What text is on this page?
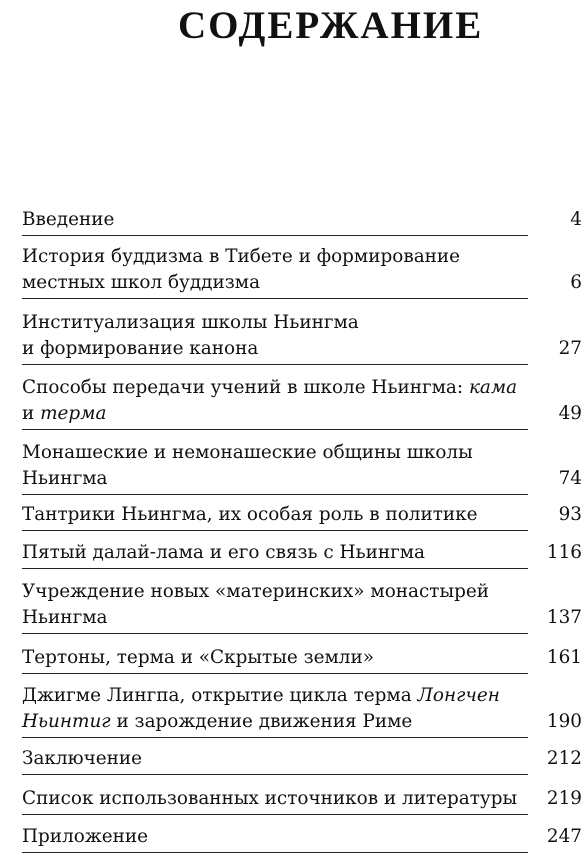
СОДЕРЖАНИЕ
Введение	4
История буддизма в Тибете и формирование
местных школ буддизма	6
Институализация школы Ньингма
и формирование канона	27
Способы передачи учений в школе Ньингма: кама
и терма	49
Монашеские и немонашеские общины школы
Ньингма	74
Тантрики Ньингма, их особая роль в политике	93
Пятый далай-лама и его связь с Ньингма	116
Учреждение новых «материнских» монастырей
Ньингма	137
Тертоны, терма и «Скрытые земли»	161
Джигме Лингпа, открытие цикла терма Лонгчен
Ньинтиг и зарождение движения Риме	190
Заключение	212
Список использованных источников и литературы	219
Приложение	247
